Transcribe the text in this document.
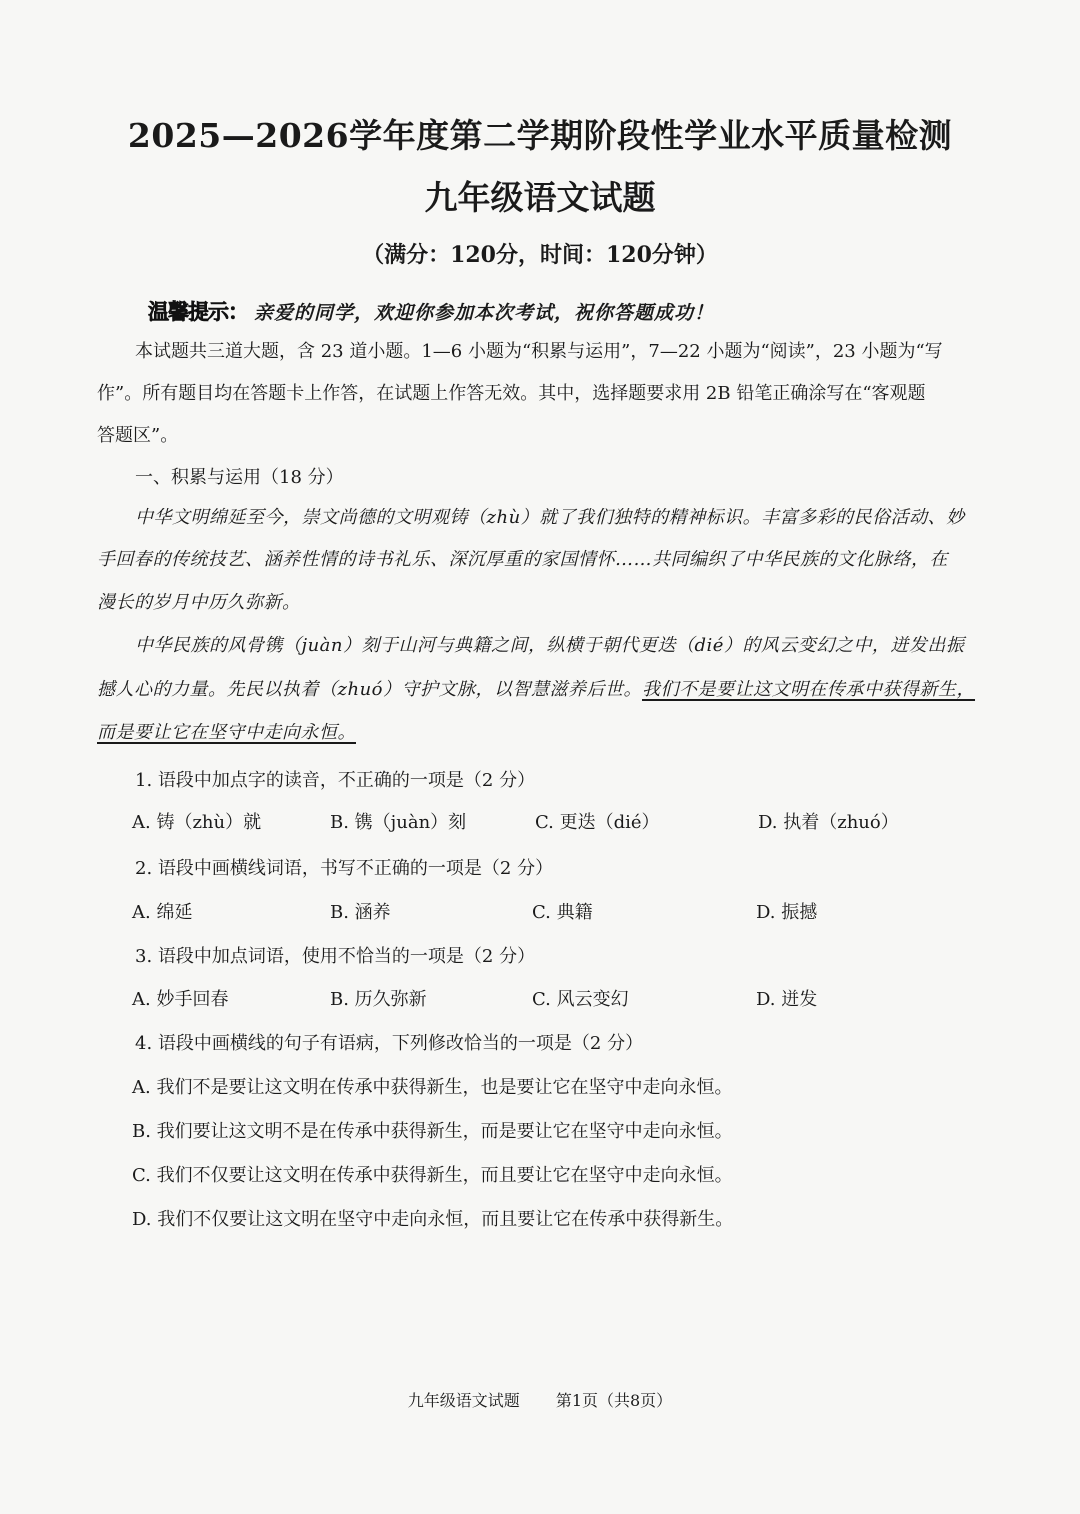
2025—2026学年度第二学期阶段性学业水平质量检测
九年级语文试题
（满分：120分，时间：120分钟）
温馨提示： 亲爱的同学，欢迎你参加本次考试，祝你答题成功！
本试题共三道大题，含 23 道小题。1—6 小题为“积累与运用”，7—22 小题为“阅读”，23 小题为“写
作”。所有题目均在答题卡上作答，在试题上作答无效。其中，选择题要求用 2B 铅笔正确涂写在“客观题
答题区”。
一、积累与运用（18 分）
中华文明绵延至今，崇文尚德的文明观铸（zhù）就了我们独特的精神标识。丰富多彩的民俗活动、妙
手回春的传统技艺、涵养性情的诗书礼乐、深沉厚重的家国情怀……共同编织了中华民族的文化脉络，在
漫长的岁月中历久弥新。
中华民族的风骨镌（juàn）刻于山河与典籍之间，纵横于朝代更迭（dié）的风云变幻之中，迸发出振
撼人心的力量。先民以执着（zhuó）守护文脉，以智慧滋养后世。我们不是要让这文明在传承中获得新生，
而是要让它在坚守中走向永恒。
1. 语段中加点字的读音，不正确的一项是（2 分）
A. 铸（zhù）就	B. 镌（juàn）刻	C. 更迭（dié）	D. 执着（zhuó）
2. 语段中画横线词语，书写不正确的一项是（2 分）
A. 绵延	B. 涵养	C. 典籍	D. 振撼
3. 语段中加点词语，使用不恰当的一项是（2 分）
A. 妙手回春	B. 历久弥新	C. 风云变幻	D. 迸发
4. 语段中画横线的句子有语病，下列修改恰当的一项是（2 分）
A. 我们不是要让这文明在传承中获得新生，也是要让它在坚守中走向永恒。
B. 我们要让这文明不是在传承中获得新生，而是要让它在坚守中走向永恒。
C. 我们不仅要让这文明在传承中获得新生，而且要让它在坚守中走向永恒。
D. 我们不仅要让这文明在坚守中走向永恒，而且要让它在传承中获得新生。
九年级语文试题 第1页（共8页）
